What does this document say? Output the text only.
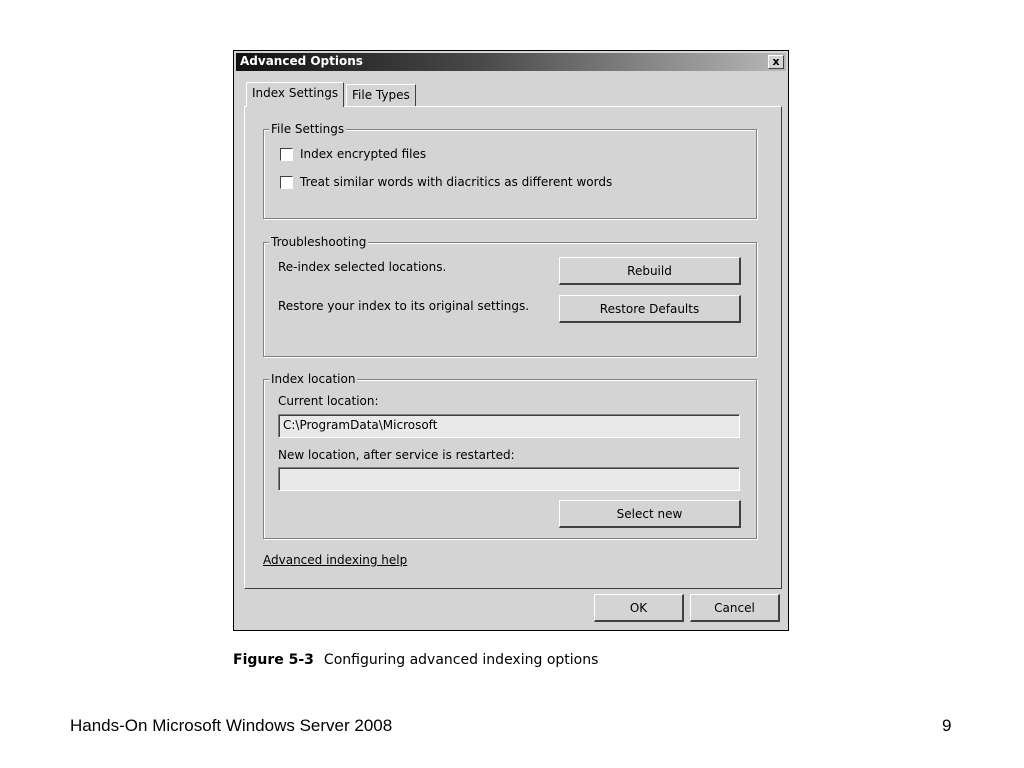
Advanced Options	x
Index Settings	File Types
File Settings
Index encrypted files
Treat similar words with diacritics as different words
Troubleshooting
Re-index selected locations.	Rebuild
Restore your index to its original settings.	Restore Defaults
Index location
Current location:
C:\ProgramData\Microsoft
New location, after service is restarted:
Select new
Advanced indexing help
OK	Cancel
Figure 5-3 Configuring advanced indexing options
Hands-On Microsoft Windows Server 2008	9
